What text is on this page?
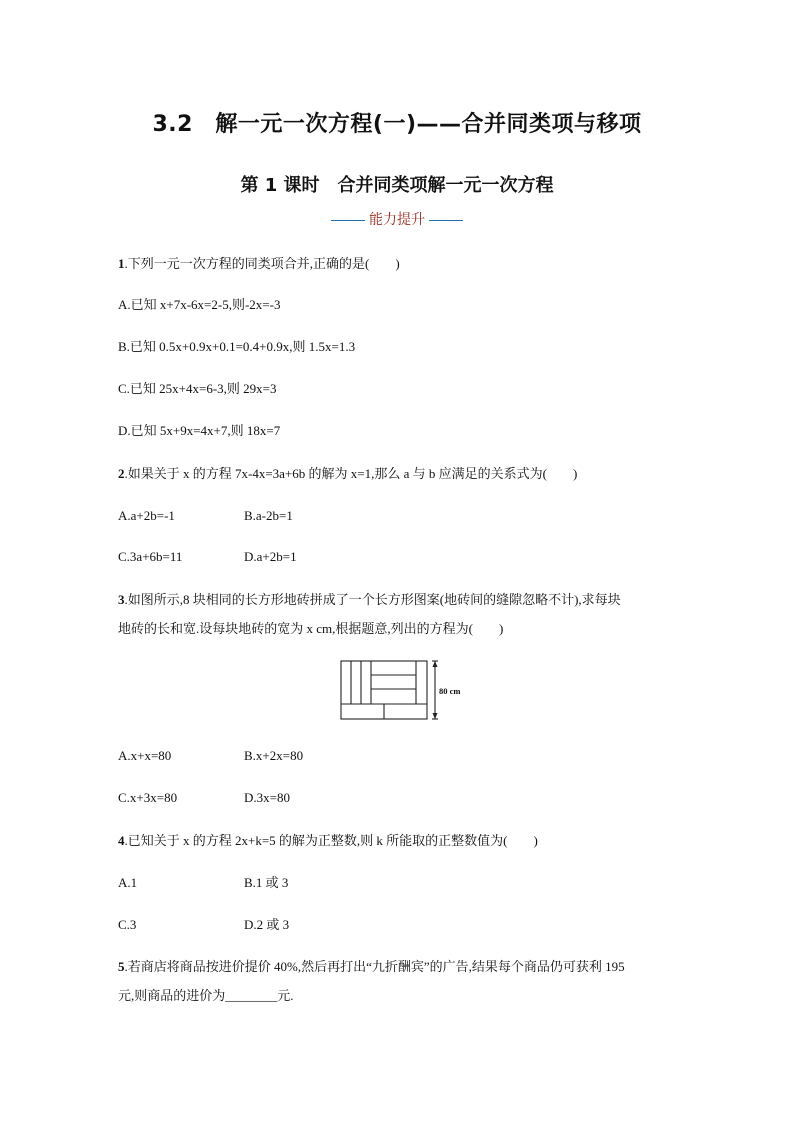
3.2　解一元一次方程(一)——合并同类项与移项
第 1 课时　合并同类项解一元一次方程
能力提升
1.下列一元一次方程的同类项合并,正确的是(　　)
A.已知 x+7x-6x=2-5,则-2x=-3
B.已知 0.5x+0.9x+0.1=0.4+0.9x,则 1.5x=1.3
C.已知 25x+4x=6-3,则 29x=3
D.已知 5x+9x=4x+7,则 18x=7
2.如果关于 x 的方程 7x-4x=3a+6b 的解为 x=1,那么 a 与 b 应满足的关系式为(　　)
A.a+2b=-1	B.a-2b=1
C.3a+6b=11	D.a+2b=1
3.如图所示,8 块相同的长方形地砖拼成了一个长方形图案(地砖间的缝隙忽略不计),求每块
地砖的长和宽.设每块地砖的宽为 x cm,根据题意,列出的方程为(　　)
80 cm
A.x+x=80	B.x+2x=80
C.x+3x=80	D.3x=80
4.已知关于 x 的方程 2x+k=5 的解为正整数,则 k 所能取的正整数值为(　　)
A.1	B.1 或 3
C.3	D.2 或 3
5.若商店将商品按进价提价 40%,然后再打出“九折酬宾”的广告,结果每个商品仍可获利 195
元,则商品的进价为________元.
